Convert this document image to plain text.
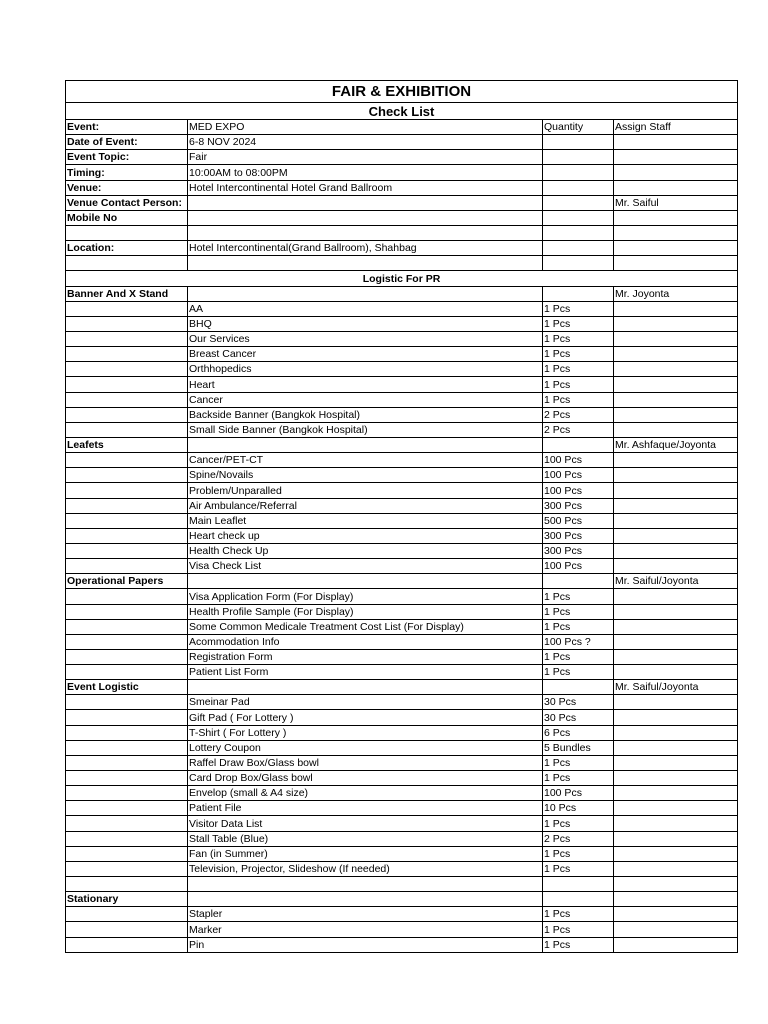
FAIR & EXHIBITION			
Check List			
Event:	MED EXPO	Quantity	Assign Staff
Date of Event:	6-8 NOV 2024		
Event Topic:	Fair		
Timing:	10:00AM to 08:00PM		
Venue:	Hotel Intercontinental Hotel Grand Ballroom		
Venue Contact Person:			Mr. Saiful
Mobile No			

Location:	Hotel Intercontinental(Grand Ballroom), Shahbag		

Logistic For PR			
Banner And X Stand			Mr. Joyonta
	AA	1 Pcs	
	BHQ	1 Pcs	
	Our Services	1 Pcs	
	Breast Cancer	1 Pcs	
	Orthhopedics	1 Pcs	
	Heart	1 Pcs	
	Cancer	1 Pcs	
	Backside Banner (Bangkok Hospital)	2 Pcs	
	Small Side Banner (Bangkok Hospital)	2 Pcs	
Leafets			Mr. Ashfaque/Joyonta
	Cancer/PET-CT	100 Pcs	
	Spine/Novails	100 Pcs	
	Problem/Unparalled	100 Pcs	
	Air Ambulance/Referral	300 Pcs	
	Main Leaflet	500 Pcs	
	Heart check up	300 Pcs	
	Health Check Up	300 Pcs	
	Visa Check List	100 Pcs	
Operational Papers			Mr. Saiful/Joyonta
	Visa Application Form (For Display)	1 Pcs	
	Health Profile Sample (For Display)	1 Pcs	
	Some Common Medicale Treatment Cost List (For Display)	1 Pcs	
	Acommodation Info	100 Pcs ?	
	Registration Form	1 Pcs	
	Patient List Form	1 Pcs	
Event Logistic			Mr. Saiful/Joyonta
	Smeinar Pad	30 Pcs	
	Gift Pad ( For Lottery )	30 Pcs	
	T-Shirt ( For Lottery )	6 Pcs	
	Lottery Coupon	5 Bundles	
	Raffel Draw Box/Glass bowl	1 Pcs	
	Card Drop Box/Glass bowl	1 Pcs	
	Envelop (small & A4 size)	100 Pcs	
	Patient File	10 Pcs	
	Visitor Data List	1 Pcs	
	Stall Table (Blue)	2 Pcs	
	Fan (in Summer)	1 Pcs	
	Television, Projector, Slideshow (If needed)	1 Pcs	

Stationary			
	Stapler	1 Pcs	
	Marker	1 Pcs	
	Pin	1 Pcs	
